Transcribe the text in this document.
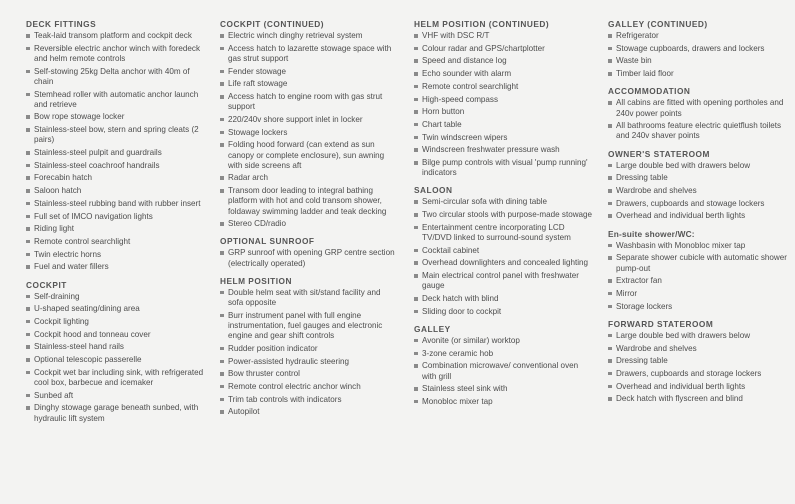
DECK FITTINGS
Teak-laid transom platform and cockpit deck
Reversible electric anchor winch with foredeck and helm remote controls
Self-stowing 25kg Delta anchor with 40m of chain
Stemhead roller with automatic anchor launch and retrieve
Bow rope stowage locker
Stainless-steel bow, stern and spring cleats (2 pairs)
Stainless-steel pulpit and guardrails
Stainless-steel coachroof handrails
Forecabin hatch
Saloon hatch
Stainless-steel rubbing band with rubber insert
Full set of IMCO navigation lights
Riding light
Remote control searchlight
Twin electric horns
Fuel and water fillers
COCKPIT
Self-draining
U-shaped seating/dining area
Cockpit lighting
Cockpit hood and tonneau cover
Stainless-steel hand rails
Optional telescopic passerelle
Cockpit wet bar including sink, with refrigerated cool box, barbecue and icemaker
Sunbed aft
Dinghy stowage garage beneath sunbed, with hydraulic lift system
COCKPIT (CONTINUED)
Electric winch dinghy retrieval system
Access hatch to lazarette stowage space with gas strut support
Fender stowage
Life raft stowage
Access hatch to engine room with gas strut support
220/240v shore support inlet in locker
Stowage lockers
Folding hood forward (can extend as sun canopy or complete enclosure), sun awning with side screens aft
Radar arch
Transom door leading to integral bathing platform with hot and cold transom shower, foldaway swimming ladder and teak decking
Stereo CD/radio
OPTIONAL SUNROOF
GRP sunroof with opening GRP centre section (electrically operated)
HELM POSITION
Double helm seat with sit/stand facility and sofa opposite
Burr instrument panel with full engine instrumentation, fuel gauges and electronic engine and gear shift controls
Rudder position indicator
Power-assisted hydraulic steering
Bow thruster control
Remote control electric anchor winch
Trim tab controls with indicators
Autopilot
HELM POSITION (CONTINUED)
VHF with DSC R/T
Colour radar and GPS/chartplotter
Speed and distance log
Echo sounder with alarm
Remote control searchlight
High-speed compass
Horn button
Chart table
Twin windscreen wipers
Windscreen freshwater pressure wash
Bilge pump controls with visual 'pump running' indicators
SALOON
Semi-circular sofa with dining table
Two circular stools with purpose-made stowage
Entertainment centre incorporating LCD TV/DVD linked to surround-sound system
Cocktail cabinet
Overhead downlighters and concealed lighting
Main electrical control panel with freshwater gauge
Deck hatch with blind
Sliding door to cockpit
GALLEY
Avonite (or similar) worktop
3-zone ceramic hob
Combination microwave/ conventional oven with grill
Stainless steel sink with
Monobloc mixer tap
GALLEY (CONTINUED)
Refrigerator
Stowage cupboards, drawers and lockers
Waste bin
Timber laid floor
ACCOMMODATION
All cabins are fitted with opening portholes and 240v power points
All bathrooms feature electric quietflush toilets and 240v shaver points
OWNER'S STATEROOM
Large double bed with drawers below
Dressing table
Wardrobe and shelves
Drawers, cupboards and stowage lockers
Overhead and individual berth lights
En-suite shower/WC:
Washbasin with Monobloc mixer tap
Separate shower cubicle with automatic shower pump-out
Extractor fan
Mirror
Storage lockers
FORWARD STATEROOM
Large double bed with drawers below
Wardrobe and shelves
Dressing table
Drawers, cupboards and storage lockers
Overhead and individual berth lights
Deck hatch with flyscreen and blind
